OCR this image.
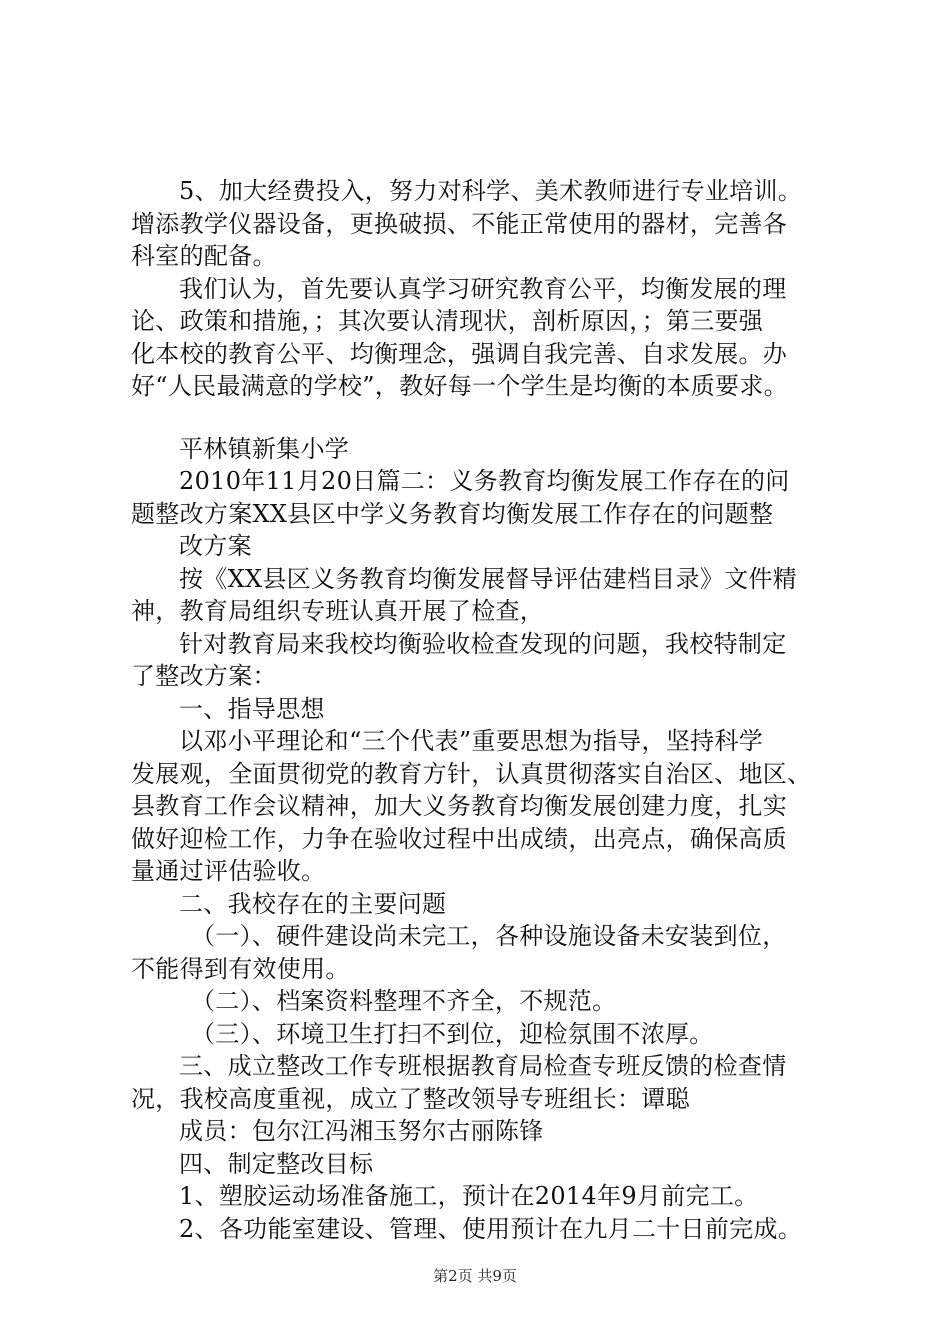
5、加大经费投入，努力对科学、美术教师进行专业培训。
增添教学仪器设备，更换破损、不能正常使用的器材，完善各
科室的配备。
我们认为，首先要认真学习研究教育公平，均衡发展的理
论、政策和措施，；其次要认清现状，剖析原因，；第三要强
化本校的教育公平、均衡理念，强调自我完善、自求发展。办
好“人民最满意的学校”，教好每一个学生是均衡的本质要求。
平林镇新集小学
2010年11月20日篇二：义务教育均衡发展工作存在的问
题整改方案XX县区中学义务教育均衡发展工作存在的问题整
改方案
按《XX县区义务教育均衡发展督导评估建档目录》文件精
神，教育局组织专班认真开展了检查，
针对教育局来我校均衡验收检查发现的问题，我校特制定
了整改方案：
一、指导思想
以邓小平理论和“三个代表”重要思想为指导，坚持科学
发展观，全面贯彻党的教育方针，认真贯彻落实自治区、地区、
县教育工作会议精神，加大义务教育均衡发展创建力度，扎实
做好迎检工作，力争在验收过程中出成绩，出亮点，确保高质
量通过评估验收。
二、我校存在的主要问题
（一）、硬件建设尚未完工，各种设施设备未安装到位，
不能得到有效使用。
（二）、档案资料整理不齐全，不规范。
（三）、环境卫生打扫不到位，迎检氛围不浓厚。
三、成立整改工作专班根据教育局检查专班反馈的检查情
况，我校高度重视，成立了整改领导专班组长：谭聪
成员：包尔江冯湘玉努尔古丽陈锋
四、制定整改目标
1、塑胶运动场准备施工，预计在2014年9月前完工。
2、各功能室建设、管理、使用预计在九月二十日前完成。
第2页 共9页
